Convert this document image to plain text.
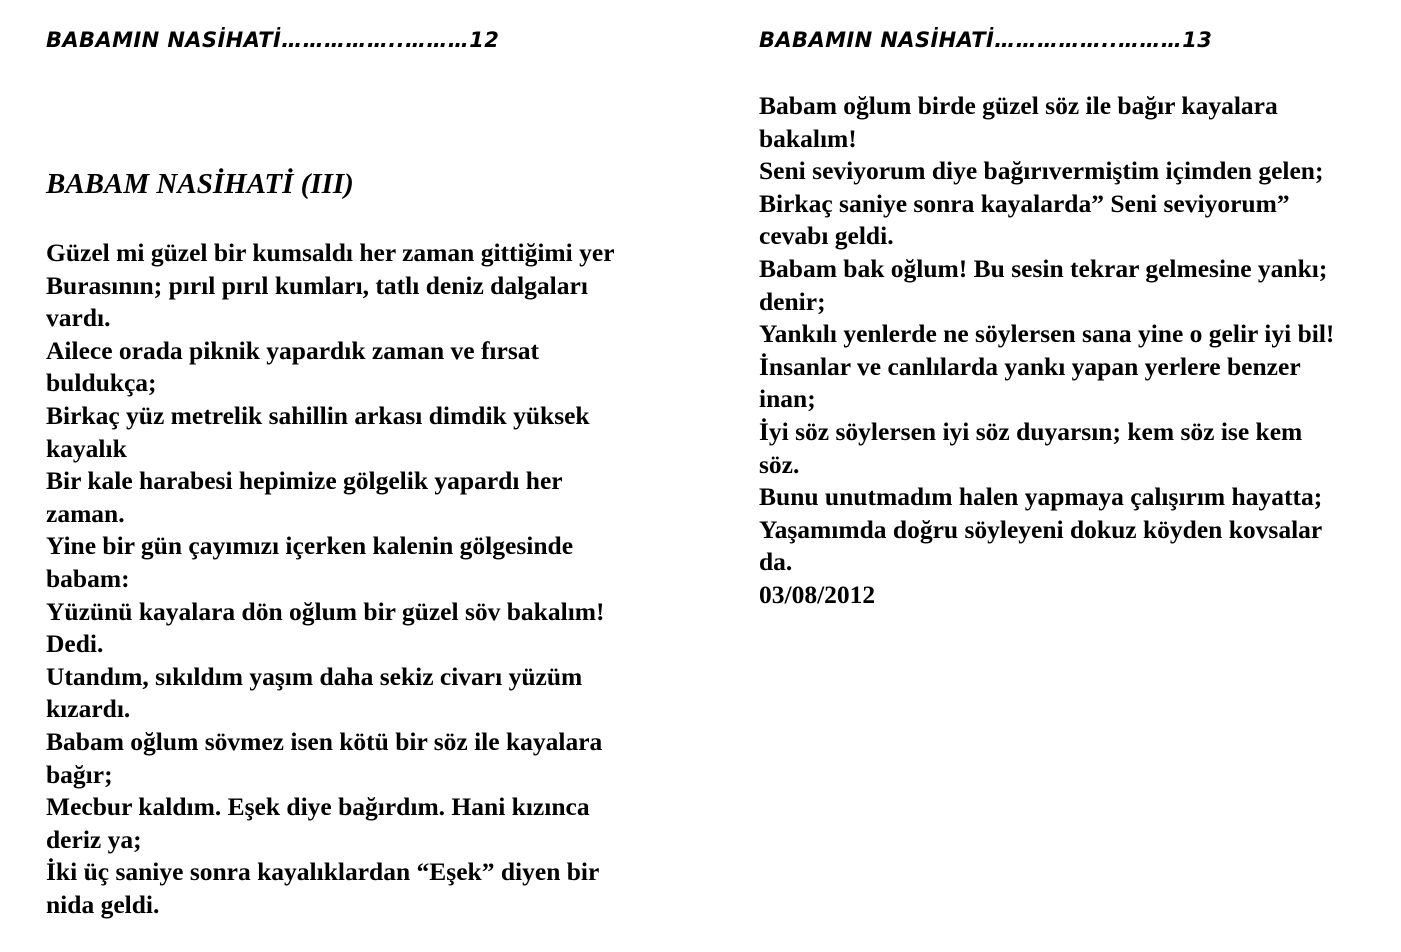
BABAMIN NASİHATİ……………..………12
BABAM NASİHATİ (III)
Güzel mi güzel bir kumsaldı her zaman gittiğimi yer
Burasının; pırıl pırıl kumları, tatlı deniz dalgaları
vardı.
Ailece orada piknik yapardık zaman ve fırsat
buldukça;
Birkaç yüz metrelik sahillin arkası dimdik yüksek
kayalık
Bir kale harabesi hepimize gölgelik yapardı her
zaman.
Yine bir gün çayımızı içerken kalenin gölgesinde
babam:
Yüzünü kayalara dön oğlum bir güzel söv bakalım!
Dedi.
Utandım, sıkıldım yaşım daha sekiz civarı yüzüm
kızardı.
Babam oğlum sövmez isen kötü bir söz ile kayalara
bağır;
Mecbur kaldım. Eşek diye bağırdım. Hani kızınca
deriz ya;
İki üç saniye sonra kayalıklardan “Eşek” diyen bir
nida geldi.
BABAMIN NASİHATİ……………..………13
Babam oğlum birde güzel söz ile bağır kayalara
bakalım!
Seni seviyorum diye bağırıvermiştim içimden gelen;
Birkaç saniye sonra kayalarda” Seni seviyorum”
cevabı geldi.
Babam bak oğlum! Bu sesin tekrar gelmesine yankı;
denir;
Yankılı yenlerde ne söylersen sana yine o gelir iyi bil!
İnsanlar ve canlılarda yankı yapan yerlere benzer
inan;
İyi söz söylersen iyi söz duyarsın; kem söz ise kem
söz.
Bunu unutmadım halen yapmaya çalışırım hayatta;
Yaşamımda doğru söyleyeni dokuz köyden kovsalar
da.
03/08/2012
